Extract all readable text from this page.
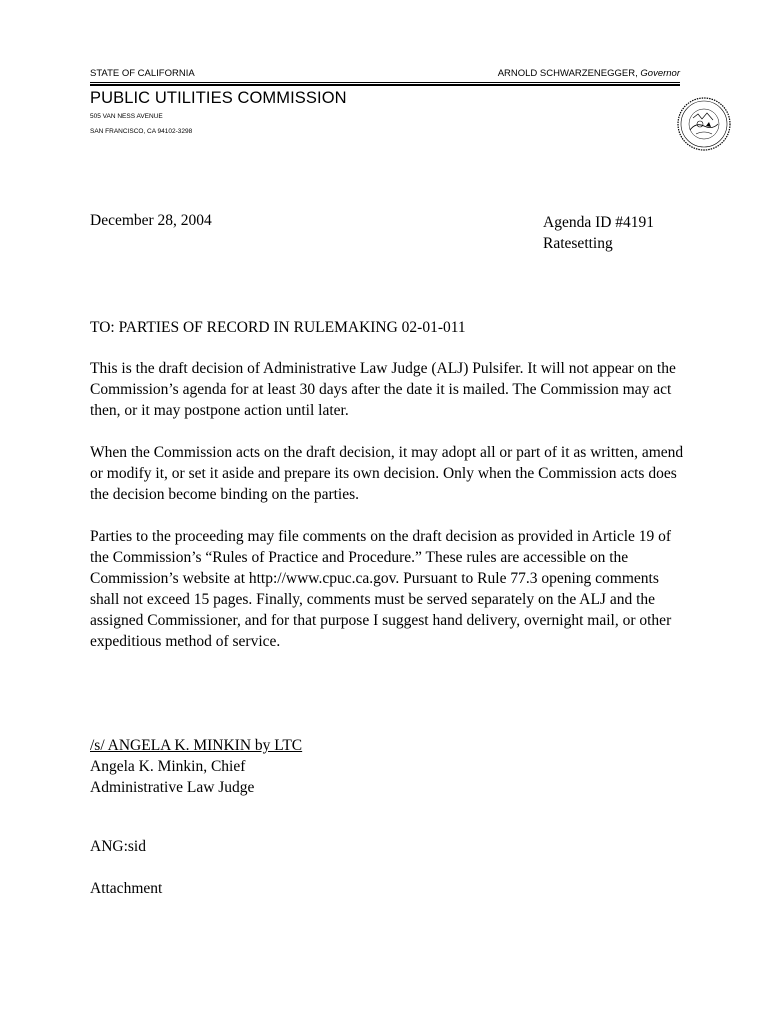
STATE OF CALIFORNIA	ARNOLD SCHWARZENEGGER, Governor
PUBLIC UTILITIES COMMISSION
505 VAN NESS AVENUE
SAN FRANCISCO, CA 94102-3298
December 28, 2004	Agenda ID #4191
Ratesetting

TO: PARTIES OF RECORD IN RULEMAKING 02-01-011

This is the draft decision of Administrative Law Judge (ALJ) Pulsifer. It will not appear on the Commission’s agenda for at least 30 days after the date it is mailed. The Commission may act then, or it may postpone action until later.

When the Commission acts on the draft decision, it may adopt all or part of it as written, amend or modify it, or set it aside and prepare its own decision. Only when the Commission acts does the decision become binding on the parties.

Parties to the proceeding may file comments on the draft decision as provided in Article 19 of the Commission’s “Rules of Practice and Procedure.” These rules are accessible on the Commission’s website at http://www.cpuc.ca.gov. Pursuant to Rule 77.3 opening comments shall not exceed 15 pages. Finally, comments must be served separately on the ALJ and the assigned Commissioner, and for that purpose I suggest hand delivery, overnight mail, or other expeditious method of service.

/s/ ANGELA K. MINKIN by LTC
Angela K. Minkin, Chief
Administrative Law Judge
ANG:sid
Attachment
